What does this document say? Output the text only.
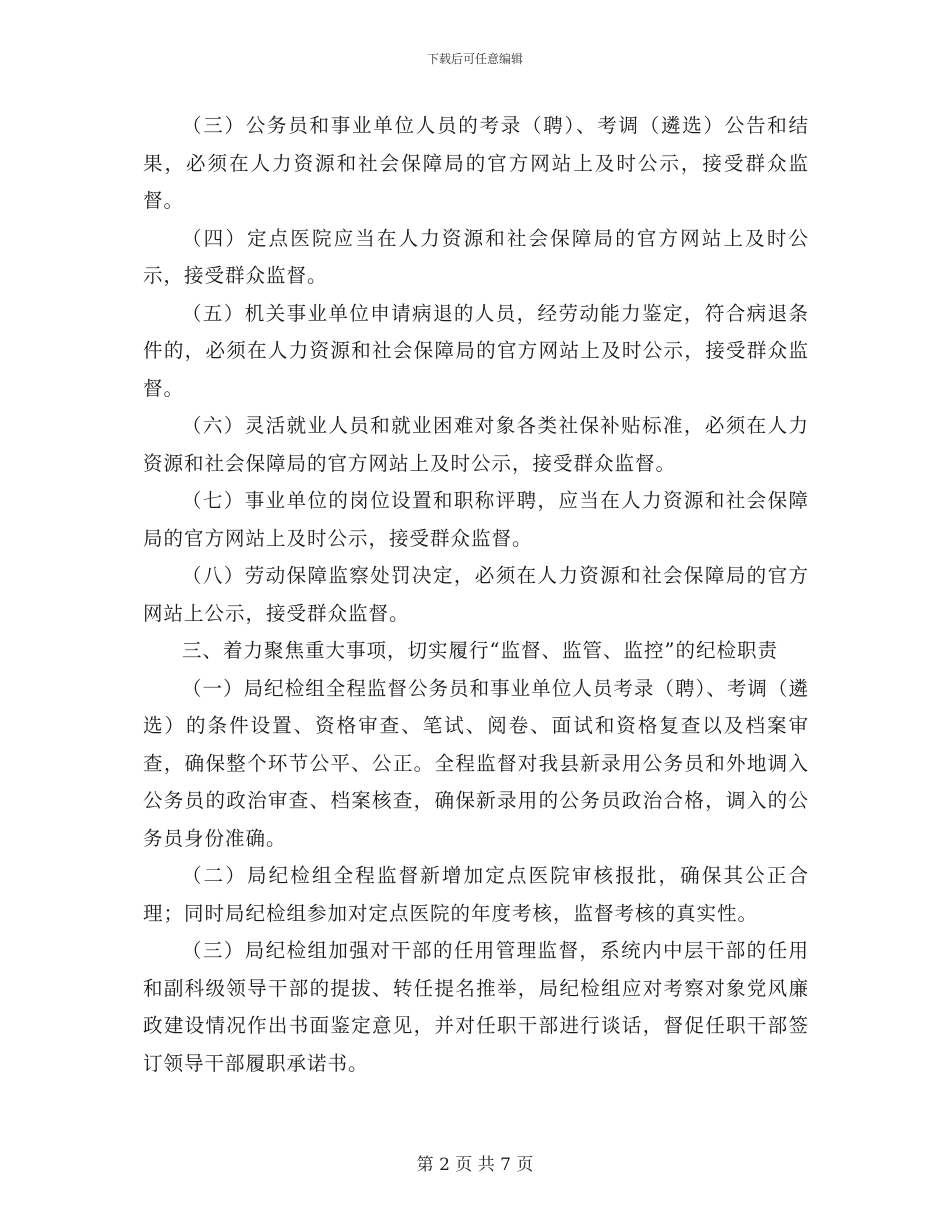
下载后可任意编辑

（三）公务员和事业单位人员的考录（聘）、考调（遴选）公告和结果，必须在人力资源和社会保障局的官方网站上及时公示，接受群众监督。

（四）定点医院应当在人力资源和社会保障局的官方网站上及时公示，接受群众监督。

（五）机关事业单位申请病退的人员，经劳动能力鉴定，符合病退条件的，必须在人力资源和社会保障局的官方网站上及时公示，接受群众监督。

（六）灵活就业人员和就业困难对象各类社保补贴标准，必须在人力资源和社会保障局的官方网站上及时公示，接受群众监督。

（七）事业单位的岗位设置和职称评聘，应当在人力资源和社会保障局的官方网站上及时公示，接受群众监督。

（八）劳动保障监察处罚决定，必须在人力资源和社会保障局的官方网站上公示，接受群众监督。

三、着力聚焦重大事项，切实履行“监督、监管、监控”的纪检职责

（一）局纪检组全程监督公务员和事业单位人员考录（聘）、考调（遴选）的条件设置、资格审查、笔试、阅卷、面试和资格复查以及档案审查，确保整个环节公平、公正。全程监督对我县新录用公务员和外地调入公务员的政治审查、档案核查，确保新录用的公务员政治合格，调入的公务员身份准确。

（二）局纪检组全程监督新增加定点医院审核报批，确保其公正合理；同时局纪检组参加对定点医院的年度考核，监督考核的真实性。

（三）局纪检组加强对干部的任用管理监督，系统内中层干部的任用和副科级领导干部的提拔、转任提名推举，局纪检组应对考察对象党风廉政建设情况作出书面鉴定意见，并对任职干部进行谈话，督促任职干部签订领导干部履职承诺书。

第 2 页 共 7 页
